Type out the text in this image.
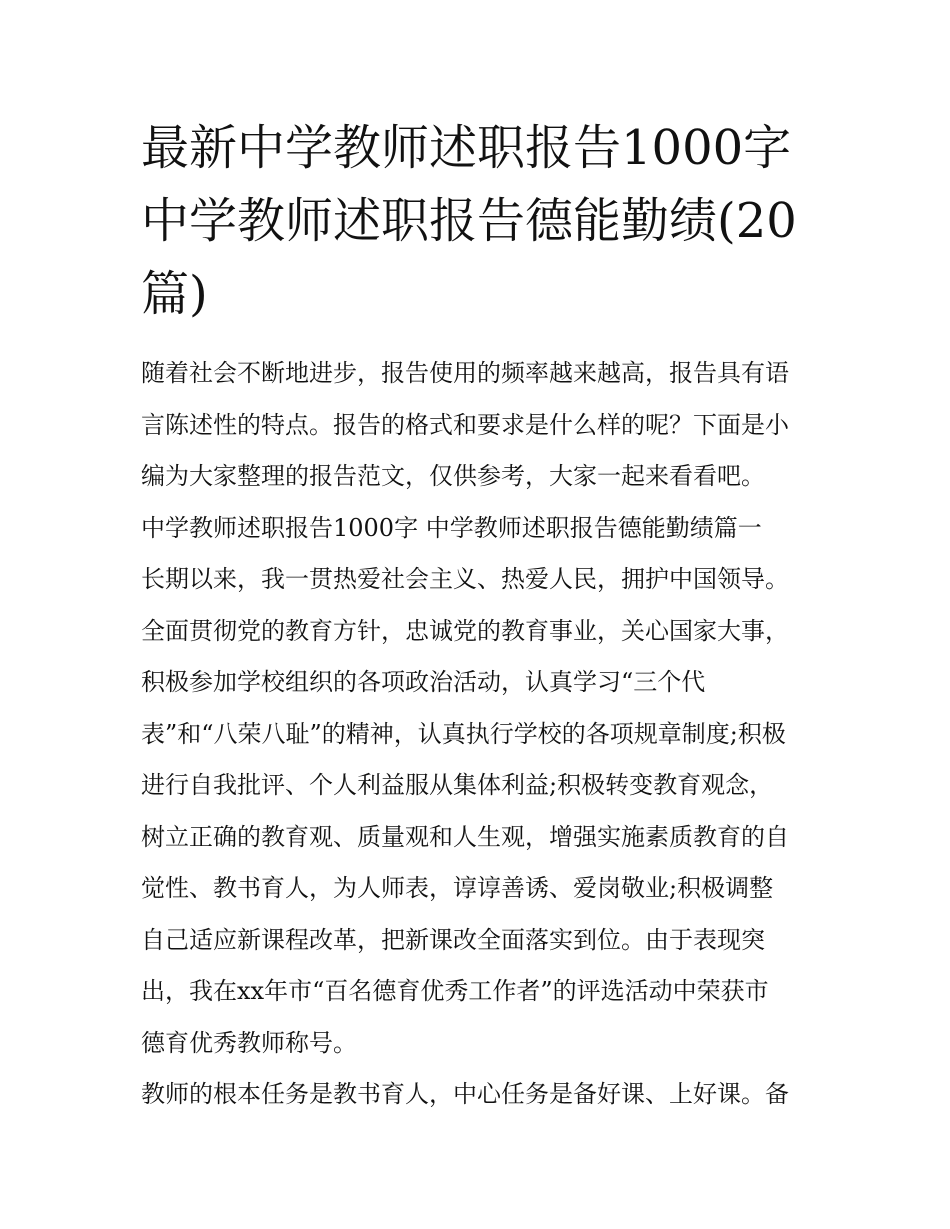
最新中学教师述职报告1000字
中学教师述职报告德能勤绩(20
篇)

随着社会不断地进步，报告使用的频率越来越高，报告具有语
言陈述性的特点。报告的格式和要求是什么样的呢？下面是小
编为大家整理的报告范文，仅供参考，大家一起来看看吧。

中学教师述职报告1000字 中学教师述职报告德能勤绩篇一

长期以来，我一贯热爱社会主义、热爱人民，拥护中国领导。
全面贯彻党的教育方针，忠诚党的教育事业，关心国家大事，
积极参加学校组织的各项政治活动，认真学习“三个代
表”和“八荣八耻”的精神，认真执行学校的各项规章制度;积极
进行自我批评、个人利益服从集体利益;积极转变教育观念，
树立正确的教育观、质量观和人生观，增强实施素质教育的自
觉性、教书育人，为人师表，谆谆善诱、爱岗敬业;积极调整
自己适应新课程改革，把新课改全面落实到位。由于表现突
出，我在xx年市“百名德育优秀工作者”的评选活动中荣获市
德育优秀教师称号。

教师的根本任务是教书育人，中心任务是备好课、上好课。备
